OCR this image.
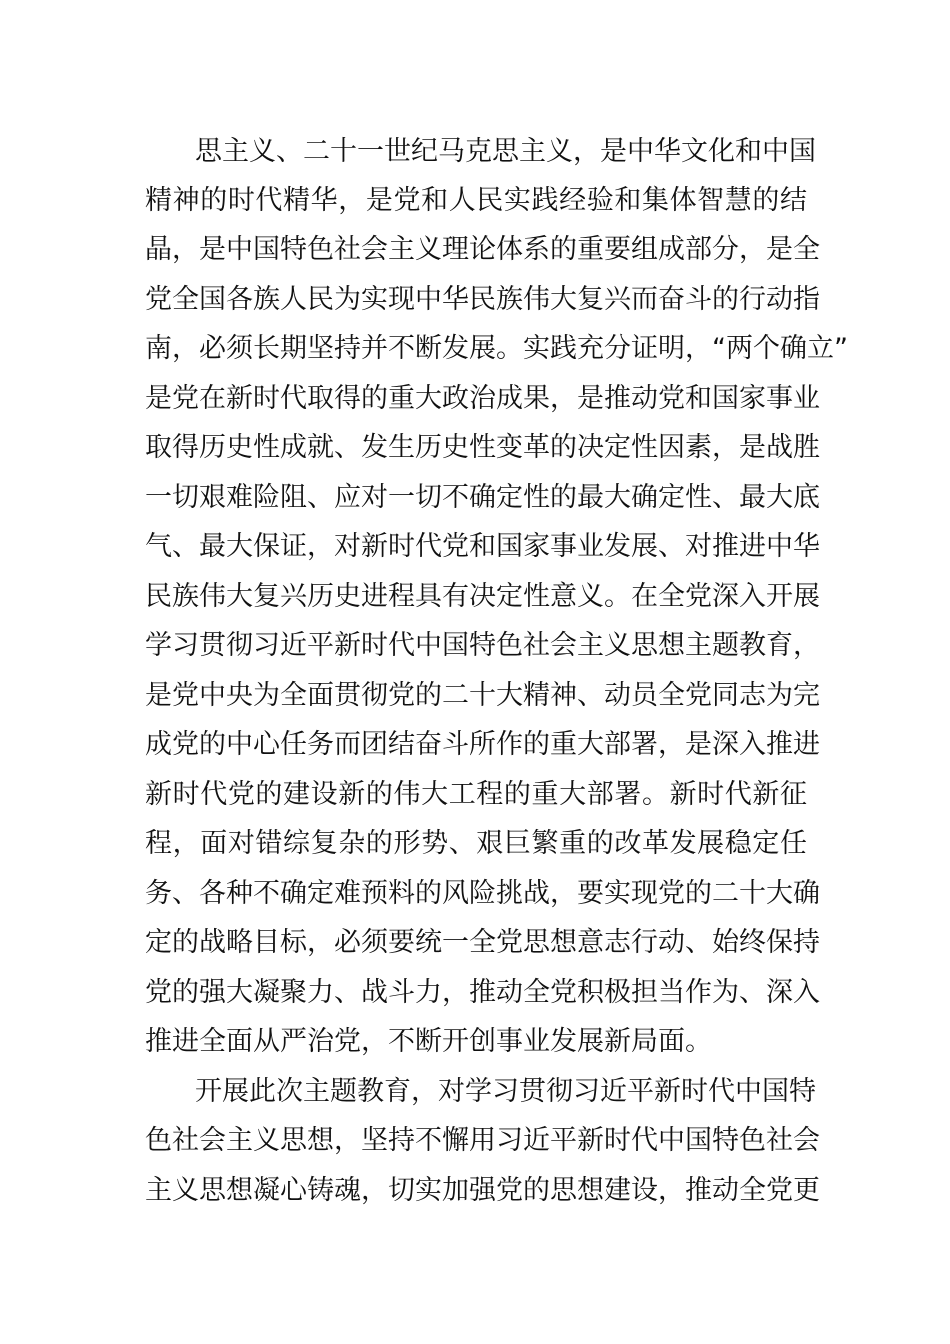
思主义、二十一世纪马克思主义，是中华文化和中国
精神的时代精华，是党和人民实践经验和集体智慧的结
晶，是中国特色社会主义理论体系的重要组成部分，是全
党全国各族人民为实现中华民族伟大复兴而奋斗的行动指
南，必须长期坚持并不断发展。实践充分证明，“两个确立”
是党在新时代取得的重大政治成果，是推动党和国家事业
取得历史性成就、发生历史性变革的决定性因素，是战胜
一切艰难险阻、应对一切不确定性的最大确定性、最大底
气、最大保证，对新时代党和国家事业发展、对推进中华
民族伟大复兴历史进程具有决定性意义。在全党深入开展
学习贯彻习近平新时代中国特色社会主义思想主题教育，
是党中央为全面贯彻党的二十大精神、动员全党同志为完
成党的中心任务而团结奋斗所作的重大部署，是深入推进
新时代党的建设新的伟大工程的重大部署。新时代新征
程，面对错综复杂的形势、艰巨繁重的改革发展稳定任
务、各种不确定难预料的风险挑战，要实现党的二十大确
定的战略目标，必须要统一全党思想意志行动、始终保持
党的强大凝聚力、战斗力，推动全党积极担当作为、深入
推进全面从严治党，不断开创事业发展新局面。
开展此次主题教育，对学习贯彻习近平新时代中国特
色社会主义思想，坚持不懈用习近平新时代中国特色社会
主义思想凝心铸魂，切实加强党的思想建设，推动全党更
